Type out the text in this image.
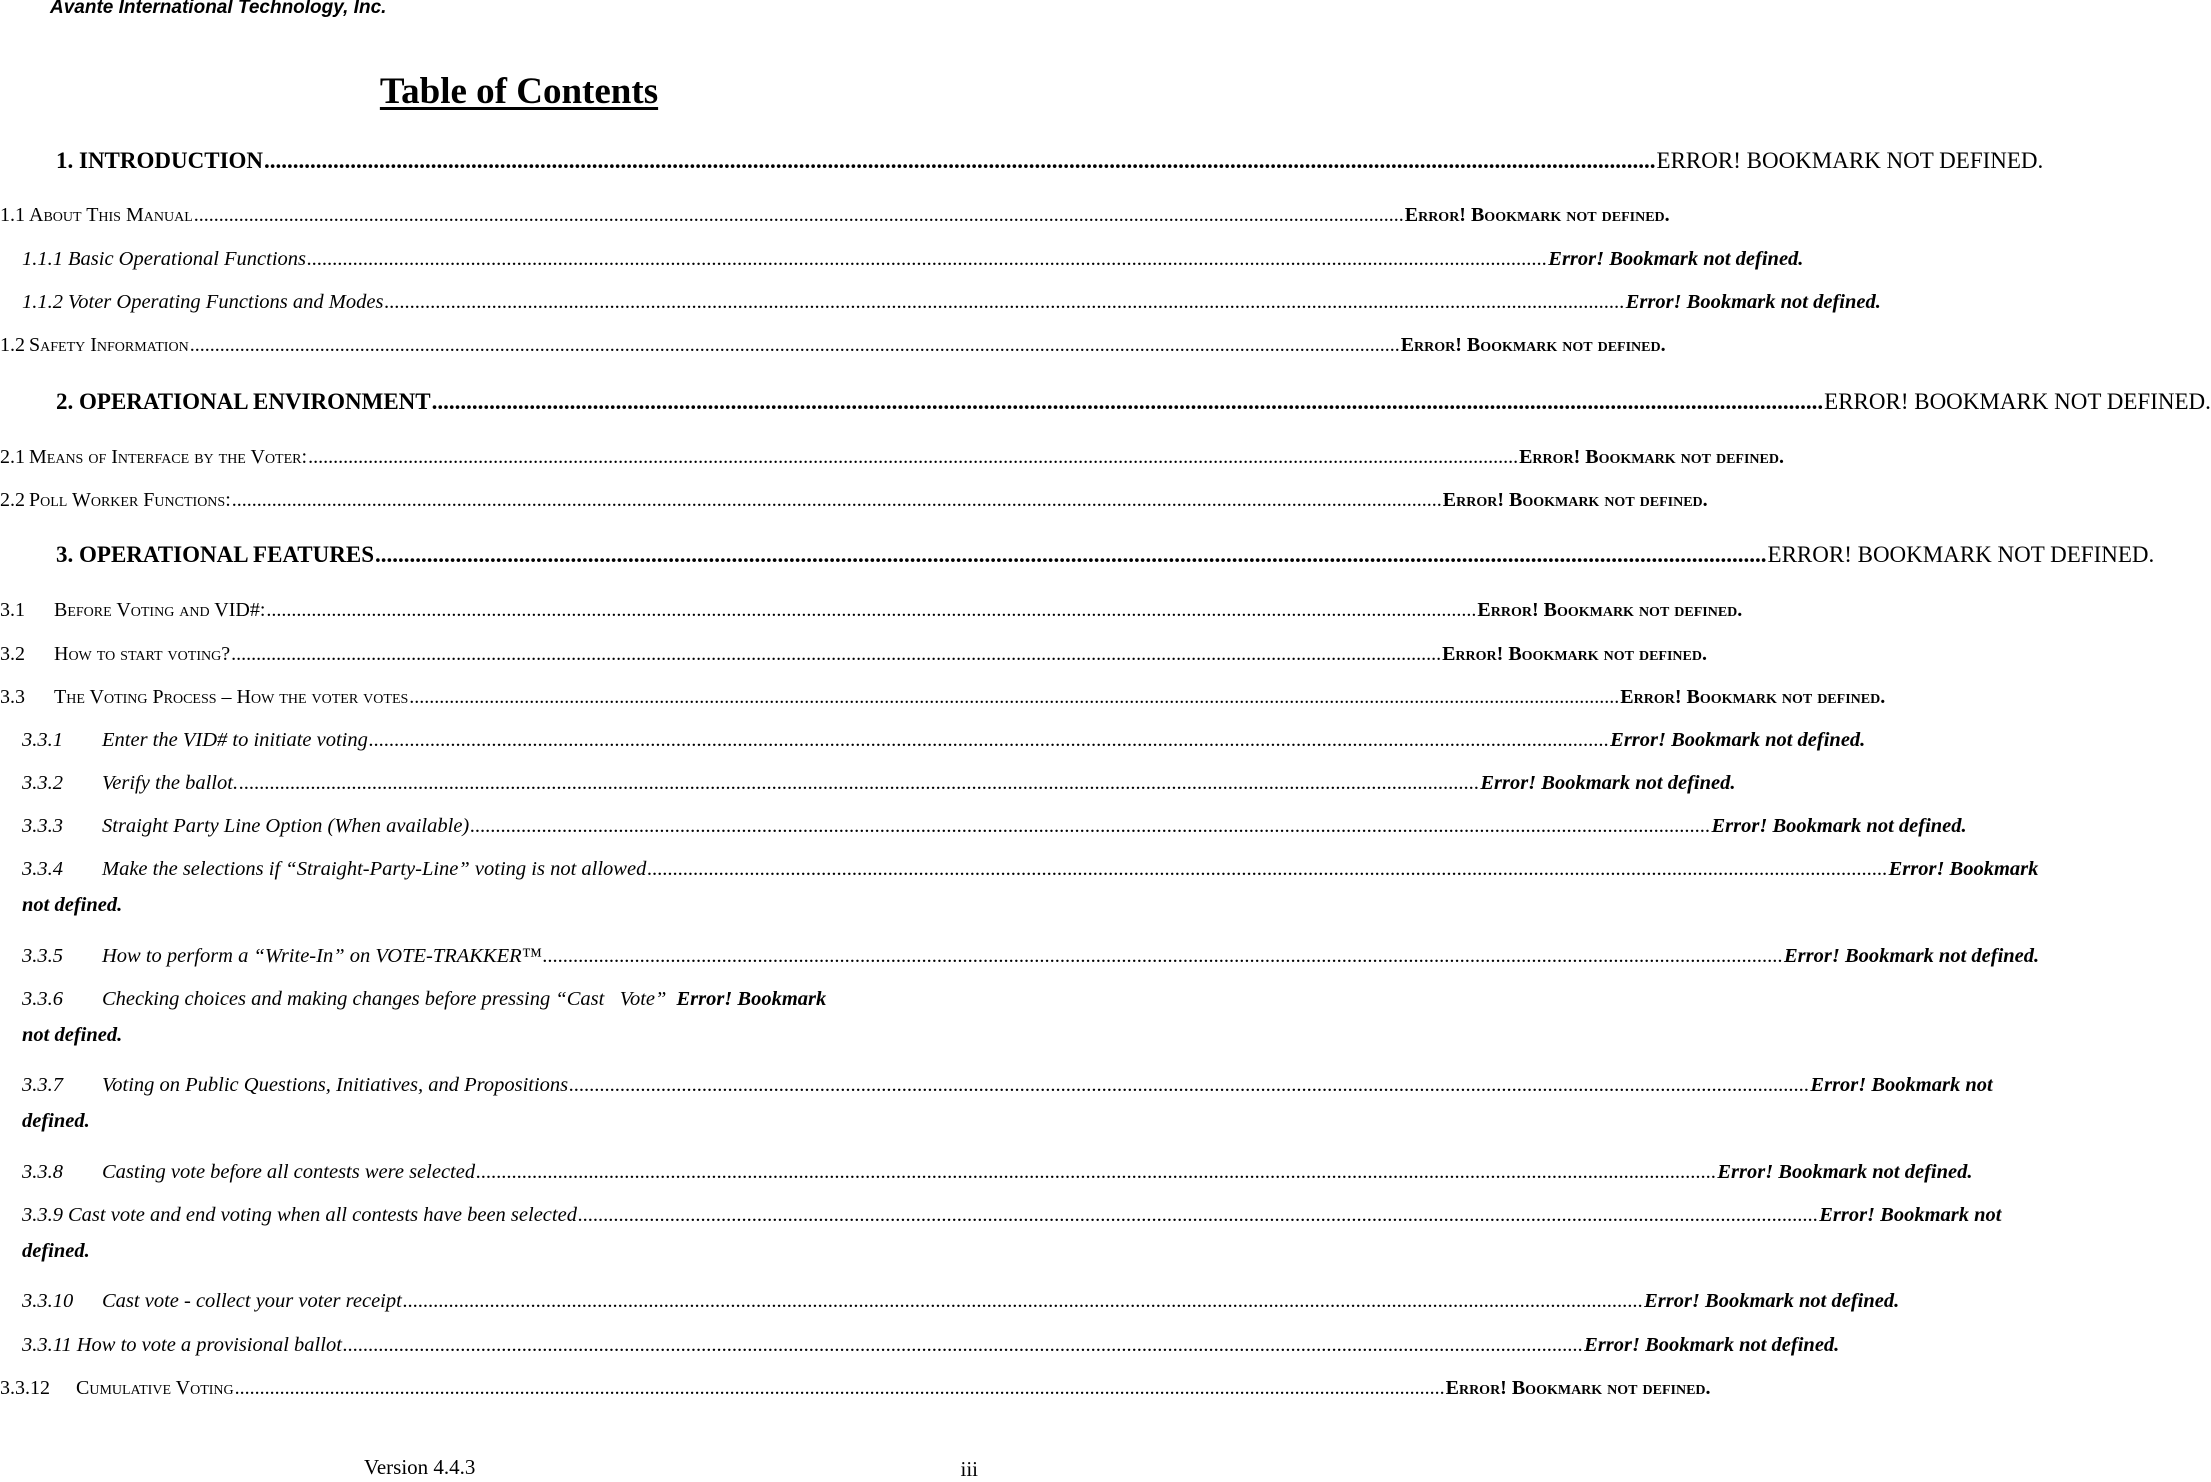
Avante International Technology, Inc.
Table of Contents
1. INTRODUCTION .................................................................................................................................................................................................................................................. ERROR! BOOKMARK NOT DEFINED.
1.1 About This Manual .................................................................................................................................................................................................................................................. Error! Bookmark not defined.
1.1.1 Basic Operational Functions .................................................................................................................................................................................................................................................. Error! Bookmark not defined.
1.1.2 Voter Operating Functions and Modes .................................................................................................................................................................................................................................................. Error! Bookmark not defined.
1.2 Safety Information .................................................................................................................................................................................................................................................. Error! Bookmark not defined.
2. OPERATIONAL ENVIRONMENT .................................................................................................................................................................................................................................................. ERROR! BOOKMARK NOT DEFINED.
2.1 Means of Interface by the Voter: .................................................................................................................................................................................................................................................. Error! Bookmark not defined.
2.2 Poll Worker Functions: .................................................................................................................................................................................................................................................. Error! Bookmark not defined.
3. OPERATIONAL FEATURES .................................................................................................................................................................................................................................................. ERROR! BOOKMARK NOT DEFINED.
3.1 Before Voting and VID#: .................................................................................................................................................................................................................................................. Error! Bookmark not defined.
3.2 How to start voting? .................................................................................................................................................................................................................................................. Error! Bookmark not defined.
3.3 The Voting Process – How the voter votes .................................................................................................................................................................................................................................................. Error! Bookmark not defined.
3.3.1 Enter the VID# to initiate voting .................................................................................................................................................................................................................................................. Error! Bookmark not defined.
3.3.2 Verify the ballot. .................................................................................................................................................................................................................................................. Error! Bookmark not defined.
3.3.3 Straight Party Line Option (When available) .................................................................................................................................................................................................................................................. Error! Bookmark not defined.
3.3.4 Make the selections if “Straight-Party-Line” voting is not allowed .................................................................................................................................................................................................................................................. Error! Bookmark
not defined.
3.3.5 How to perform a “Write-In” on VOTE-TRAKKER™ .................................................................................................................................................................................................................................................. Error! Bookmark not defined.
3.3.6 Checking choices and making changes before pressing “Cast   Vote” Error! Bookmark
not defined.
3.3.7 Voting on Public Questions, Initiatives, and Propositions .................................................................................................................................................................................................................................................. Error! Bookmark not
defined.
3.3.8 Casting vote before all contests were selected .................................................................................................................................................................................................................................................. Error! Bookmark not defined.
3.3.9 Cast vote and end voting when all contests have been selected .................................................................................................................................................................................................................................................. Error! Bookmark not
defined.
3.3.10 Cast vote - collect your voter receipt .................................................................................................................................................................................................................................................. Error! Bookmark not defined.
3.3.11 How to vote a provisional ballot .................................................................................................................................................................................................................................................. Error! Bookmark not defined.
3.3.12 Cumulative Voting .................................................................................................................................................................................................................................................. Error! Bookmark not defined.
Version 4.4.3	iii
